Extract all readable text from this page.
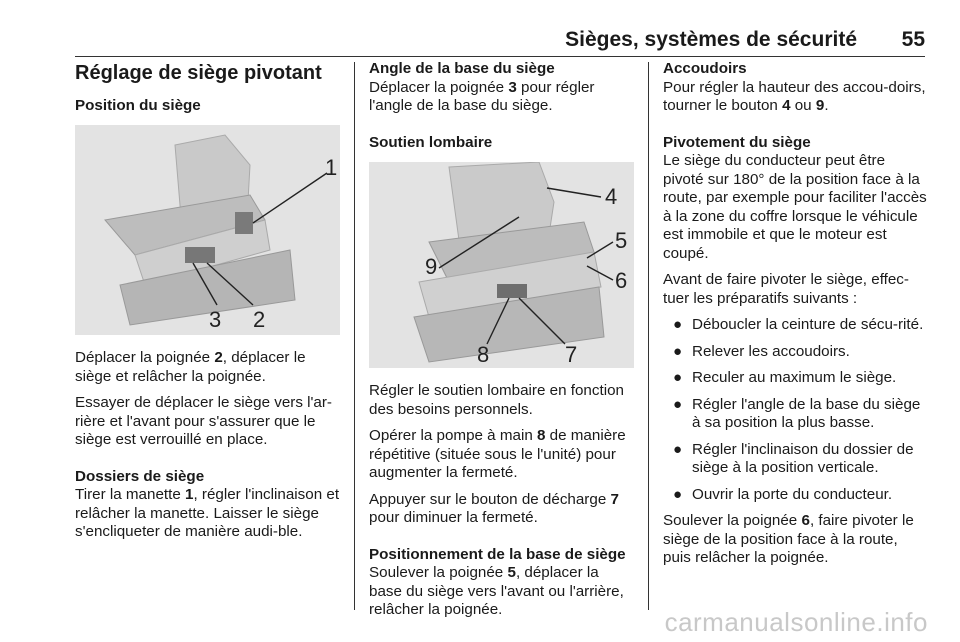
Sièges, systèmes de sécurité 55
Réglage de siège pivotant
Position du siège
1
3 2

Déplacer la poignée 2, déplacer le siège et relâcher la poignée.

Essayer de déplacer le siège vers l'ar-rière et l'avant pour s'assurer que le siège est verrouillé en place.

Dossiers de siège

Tirer la manette 1, régler l'inclinaison et relâcher la manette. Laisser le siège s'encliqueter de manière audi-ble.

Angle de la base du siège

Déplacer la poignée 3 pour régler l'angle de la base du siège.

Soutien lombaire
4
5
6
9
8	7

Régler le soutien lombaire en fonction des besoins personnels.

Opérer la pompe à main 8 de manière répétitive (située sous le l'unité) pour augmenter la fermeté.

Appuyer sur le bouton de décharge 7 pour diminuer la fermeté.

Positionnement de la base de siège

Soulever la poignée 5, déplacer la base du siège vers l'avant ou l'arrière, relâcher la poignée.

Accoudoirs

Pour régler la hauteur des accou-doirs, tourner le bouton 4 ou 9.

Pivotement du siège

Le siège du conducteur peut être pivoté sur 180° de la position face à la route, par exemple pour faciliter l'accès à la zone du coffre lorsque le véhicule est immobile et que le moteur est coupé.

Avant de faire pivoter le siège, effec-tuer les préparatifs suivants :

● Déboucler la ceinture de sécu-rité.
● Relever les accoudoirs.
● Reculer au maximum le siège.
● Régler l'angle de la base du siège à sa position la plus basse.
● Régler l'inclinaison du dossier de siège à la position verticale.
● Ouvrir la porte du conducteur.

Soulever la poignée 6, faire pivoter le siège de la position face à la route, puis relâcher la poignée.

carmanualsonline.info
